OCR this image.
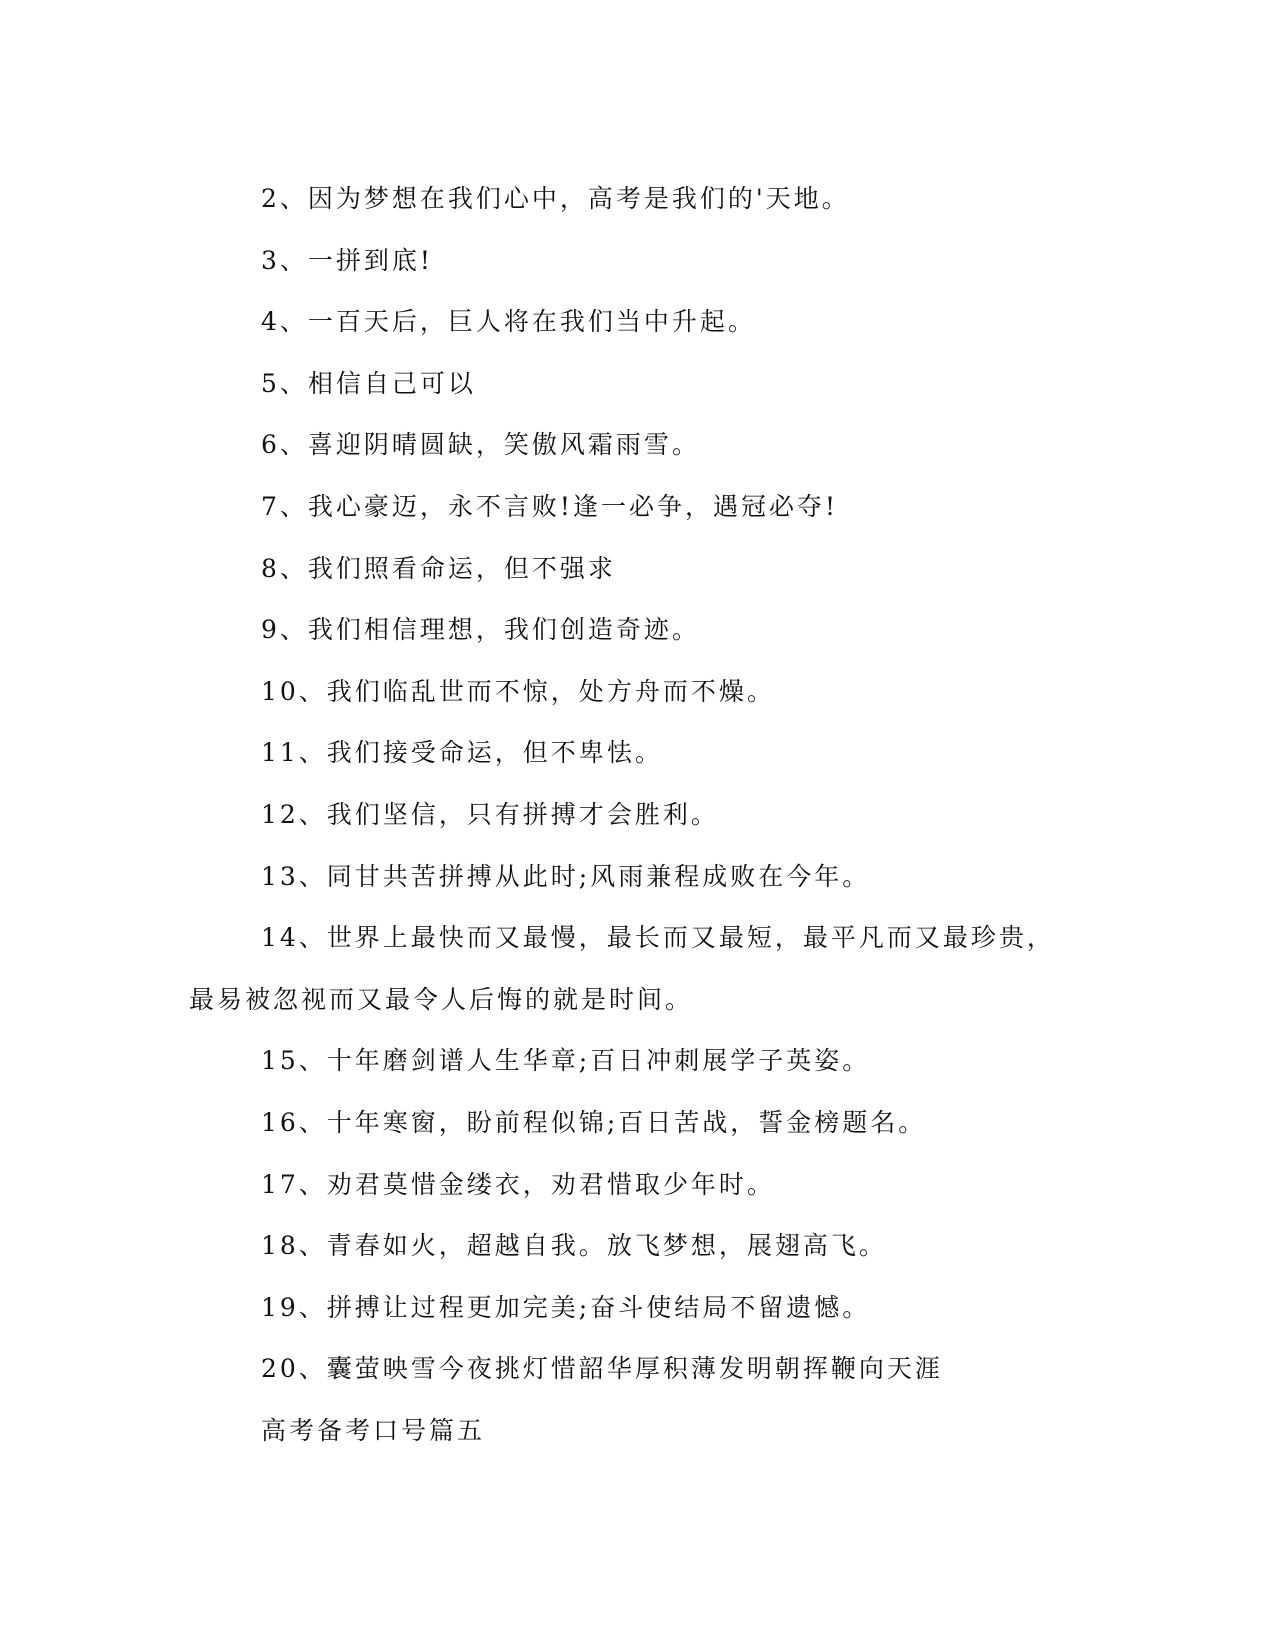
2、因为梦想在我们心中，高考是我们的'天地。
3、一拼到底!
4、一百天后，巨人将在我们当中升起。
5、相信自己可以
6、喜迎阴晴圆缺，笑傲风霜雨雪。
7、我心豪迈，永不言败!逢一必争，遇冠必夺!
8、我们照看命运，但不强求
9、我们相信理想，我们创造奇迹。
10、我们临乱世而不惊，处方舟而不燥。
11、我们接受命运，但不卑怯。
12、我们坚信，只有拼搏才会胜利。
13、同甘共苦拼搏从此时;风雨兼程成败在今年。
14、世界上最快而又最慢，最长而又最短，最平凡而又最珍贵，
最易被忽视而又最令人后悔的就是时间。
15、十年磨剑谱人生华章;百日冲刺展学子英姿。
16、十年寒窗，盼前程似锦;百日苦战，誓金榜题名。
17、劝君莫惜金缕衣，劝君惜取少年时。
18、青春如火，超越自我。放飞梦想，展翅高飞。
19、拼搏让过程更加完美;奋斗使结局不留遗憾。
20、囊萤映雪今夜挑灯惜韶华厚积薄发明朝挥鞭向天涯
高考备考口号篇五
